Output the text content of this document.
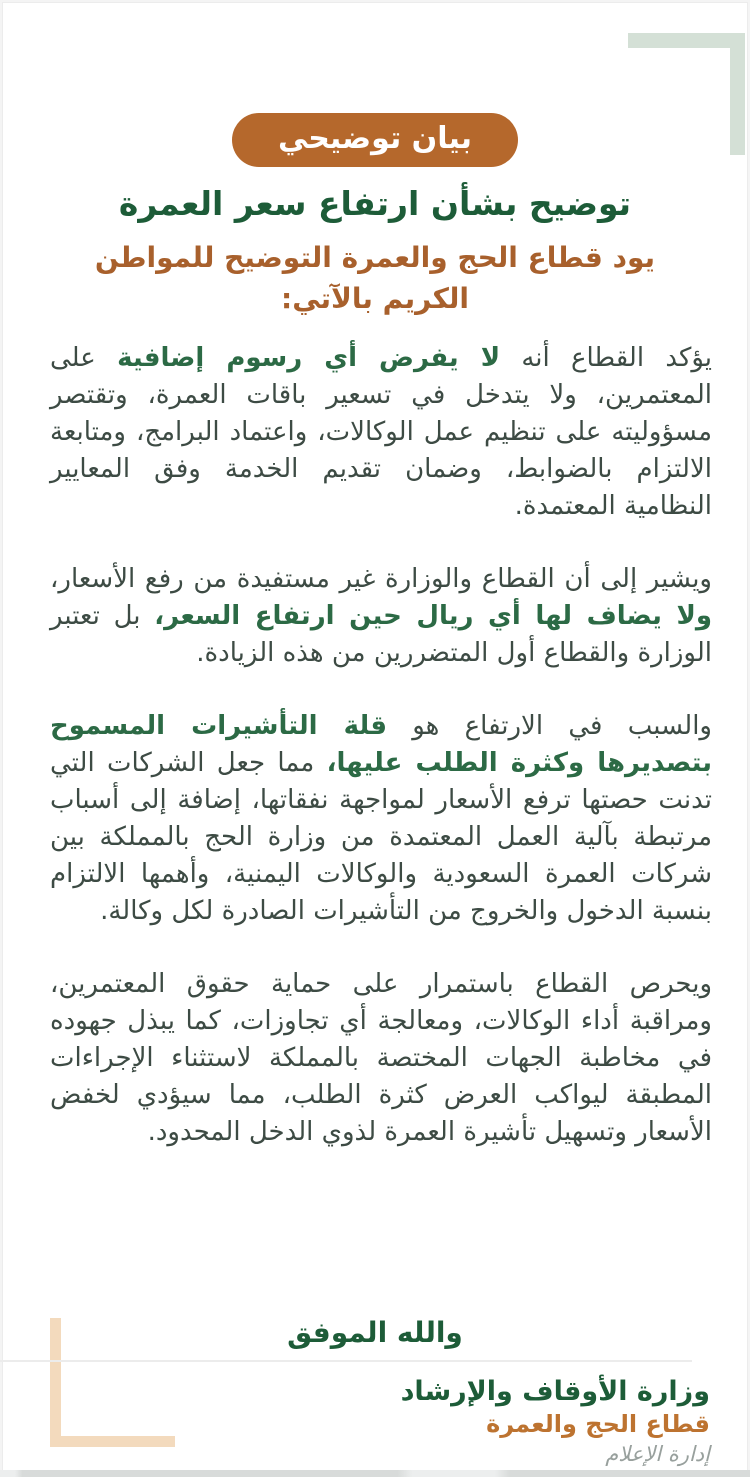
بيان توضيحي
توضيح بشأن ارتفاع سعر العمرة
يود قطاع الحج والعمرة التوضيح للمواطن الكريم بالآتي:

يؤكد القطاع أنه لا يفرض أي رسوم إضافية على المعتمرين، ولا يتدخل في تسعير باقات العمرة، وتقتصر مسؤوليته على تنظيم عمل الوكالات، واعتماد البرامج، ومتابعة الالتزام بالضوابط، وضمان تقديم الخدمة وفق المعايير النظامية المعتمدة.

ويشير إلى أن القطاع والوزارة غير مستفيدة من رفع الأسعار، ولا يضاف لها أي ريال حين ارتفاع السعر، بل تعتبر الوزارة والقطاع أول المتضررين من هذه الزيادة.

والسبب في الارتفاع هو قلة التأشيرات المسموح بتصديرها وكثرة الطلب عليها، مما جعل الشركات التي تدنت حصتها ترفع الأسعار لمواجهة نفقاتها، إضافة إلى أسباب مرتبطة بآلية العمل المعتمدة من وزارة الحج بالمملكة بين شركات العمرة السعودية والوكالات اليمنية، وأهمها الالتزام بنسبة الدخول والخروج من التأشيرات الصادرة لكل وكالة.

ويحرص القطاع باستمرار على حماية حقوق المعتمرين، ومراقبة أداء الوكالات، ومعالجة أي تجاوزات، كما يبذل جهوده في مخاطبة الجهات المختصة بالمملكة لاستثناء الإجراءات المطبقة ليواكب العرض كثرة الطلب، مما سيؤدي لخفض الأسعار وتسهيل تأشيرة العمرة لذوي الدخل المحدود.

والله الموفق
وزارة الأوقاف والإرشاد
قطاع الحج والعمرة
إدارة الإعلام
